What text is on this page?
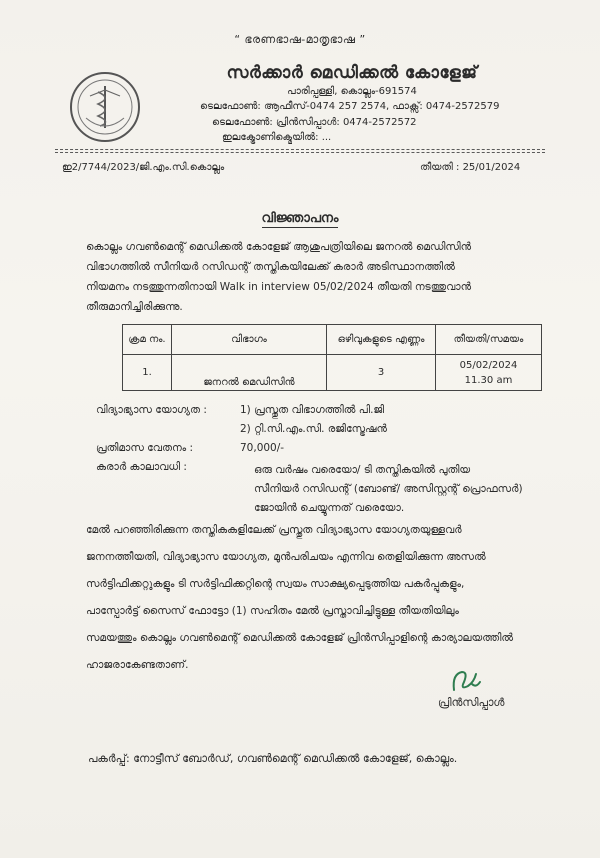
“ ഭരണഭാഷ-മാതൃഭാഷ ”
സർക്കാർ മെഡിക്കൽ കോളേജ്
പാരിപ്പള്ളി, കൊല്ലം-691574
ടെലഫോൺ: ആഫീസ്-0474 257 2574, ഫാക്സ്: 0474-2572579
ടെലഫോൺ: പ്രിൻസിപ്പാൾ: 0474-2572572
ഇലക്ട്രോണിക്മെയിൽ: ...
ഇ2/7744/2023/ജി.എം.സി.കൊല്ലം	തീയതി : 25/01/2024
വിജ്ഞാപനം
കൊല്ലം ഗവൺമെന്റ് മെഡിക്കൽ കോളേജ് ആശുപത്രിയിലെ ജനറൽ മെഡിസിൻ
വിഭാഗത്തിൽ സീനിയർ റസിഡന്റ് തസ്തികയിലേക്ക് കരാർ അടിസ്ഥാനത്തിൽ
നിയമനം നടത്തുന്നതിനായി Walk in interview 05/02/2024 തീയതി നടത്തുവാൻ
തീരുമാനിച്ചിരിക്കുന്നു.
ക്രമ നം.	വിഭാഗം	ഒഴിവുകളുടെ എണ്ണം	തീയതി/സമയം
1.	ജനറൽ മെഡിസിൻ	3	05/02/2024
11.30 am
വിദ്യാഭ്യാസ യോഗ്യത :	1) പ്രസ്തുത വിഭാഗത്തിൽ പി.ജി
2) റ്റി.സി.എം.സി. രജിസ്ട്രേഷൻ
പ്രതിമാസ വേതനം :	70,000/-
കരാർ കാലാവധി :	ഒരു വർഷം വരെയോ/ ടി തസ്തികയിൽ പുതിയ
സീനിയർ റസിഡന്റ് (ബോണ്ട്/ അസിസ്റ്റന്റ് പ്രൊഫസർ)
ജോയിൻ ചെയ്യുന്നത് വരെയോ.
മേൽ പറഞ്ഞിരിക്കുന്ന തസ്തികകളിലേക്ക് പ്രസ്തുത വിദ്യാഭ്യാസ യോഗ്യതയുള്ളവർ
ജനനത്തീയതി, വിദ്യാഭ്യാസ യോഗ്യത, മുൻപരിചയം എന്നിവ തെളിയിക്കുന്ന അസൽ
സർട്ടിഫിക്കറ്റുകളും ടി സർട്ടിഫിക്കറ്റിന്റെ സ്വയം സാക്ഷ്യപ്പെടുത്തിയ പകർപ്പുകളും,
പാസ്പോർട്ട് സൈസ് ഫോട്ടോ (1) സഹിതം മേൽ പ്രസ്താവിച്ചിട്ടുള്ള തീയതിയിലും
സമയത്തും കൊല്ലം ഗവൺമെന്റ് മെഡിക്കൽ കോളേജ് പ്രിൻസിപ്പാളിന്റെ കാര്യാലയത്തിൽ
ഹാജരാകേണ്ടതാണ്.
പ്രിൻസിപ്പാൾ
പകർപ്പ്: നോട്ടീസ് ബോർഡ്, ഗവൺമെന്റ് മെഡിക്കൽ കോളേജ്, കൊല്ലം.
